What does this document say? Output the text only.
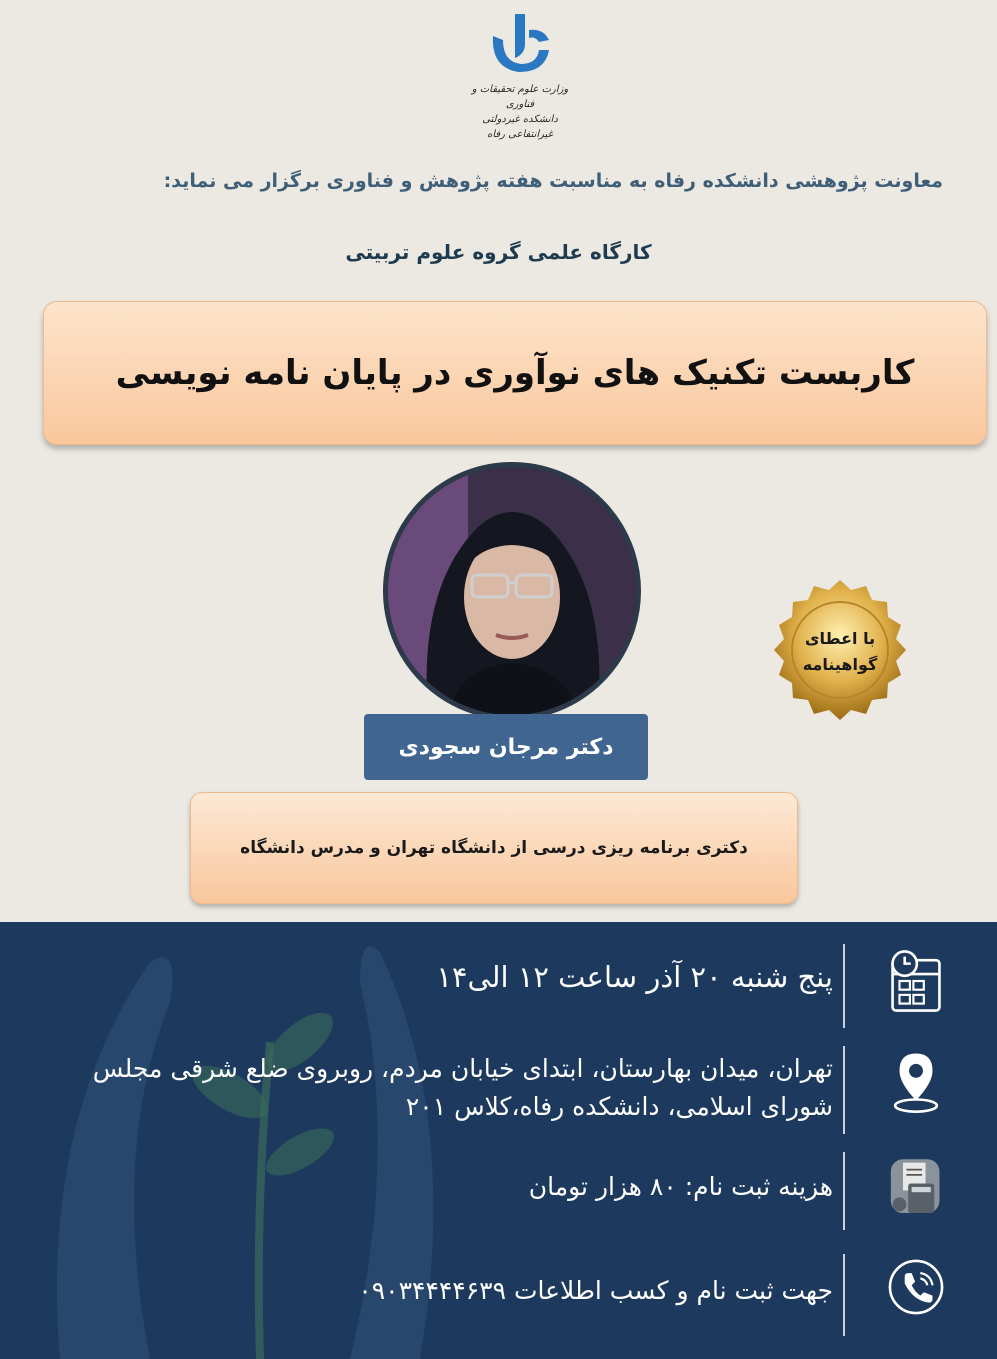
وزارت علوم تحقیقات و فناوری
دانشکده غیردولتی غیرانتفاعی رفاه
معاونت پژوهشی دانشکده رفاه به مناسبت هفته پژوهش و فناوری برگزار می نماید:
کارگاه علمی گروه علوم تربیتی
کاربست تکنیک های نوآوری در پایان نامه نویسی
با اعطای
گواهینامه
دکتر مرجان سجودی
دکتری برنامه ریزی درسی از دانشگاه تهران و مدرس دانشگاه
پنج شنبه ۲۰ آذر ساعت ۱۲ الی۱۴
تهران، میدان بهارستان، ابتدای خیابان مردم، روبروی ضلع شرقی مجلس شورای اسلامی، دانشکده رفاه،کلاس ۲۰۱
هزینه ثبت نام: ۸۰ هزار تومان
جهت ثبت نام و کسب اطلاعات ۰۹۰۳۴۴۴۴۶۳۹
